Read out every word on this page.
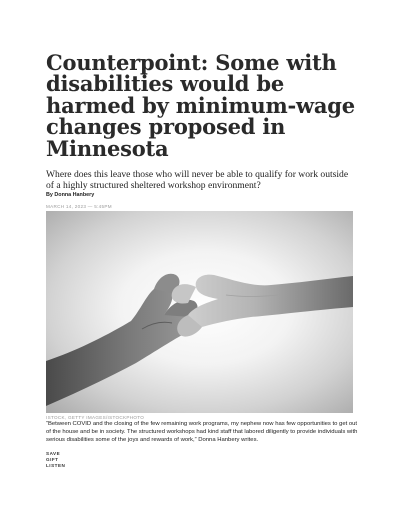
Counterpoint: Some with disabilities would be harmed by minimum-wage changes proposed in Minnesota

Where does this leave those who will never be able to qualify for work outside of a highly structured sheltered workshop environment?

By Donna Hanbery
MARCH 14, 2023 — 5:45PM
ISTOCK, GETTY IMAGES/ISTOCKPHOTO

“Between COVID and the closing of the few remaining work programs, my nephew now has few opportunities to get out of the house and be in society. The structured workshops had kind staff that labored diligently to provide individuals with serious disabilities some of the joys and rewards of work,” Donna Hanbery writes.

SAVE
GIFT
LISTEN
